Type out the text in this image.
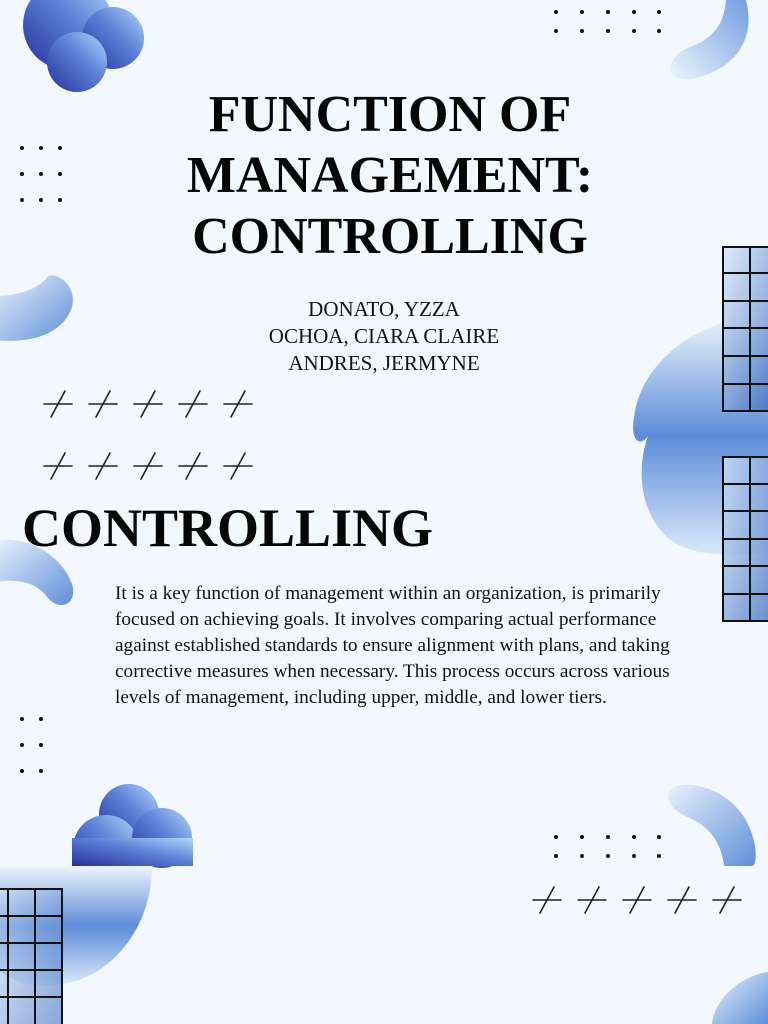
FUNCTION OF
MANAGEMENT:
CONTROLLING
DONATO, YZZA
OCHOA, CIARA CLAIRE
ANDRES, JERMYNE
CONTROLLING

It is a key function of management within an organization, is primarily focused on achieving goals. It involves comparing actual performance against established standards to ensure alignment with plans, and taking corrective measures when necessary. This process occurs across various levels of management, including upper, middle, and lower tiers.
